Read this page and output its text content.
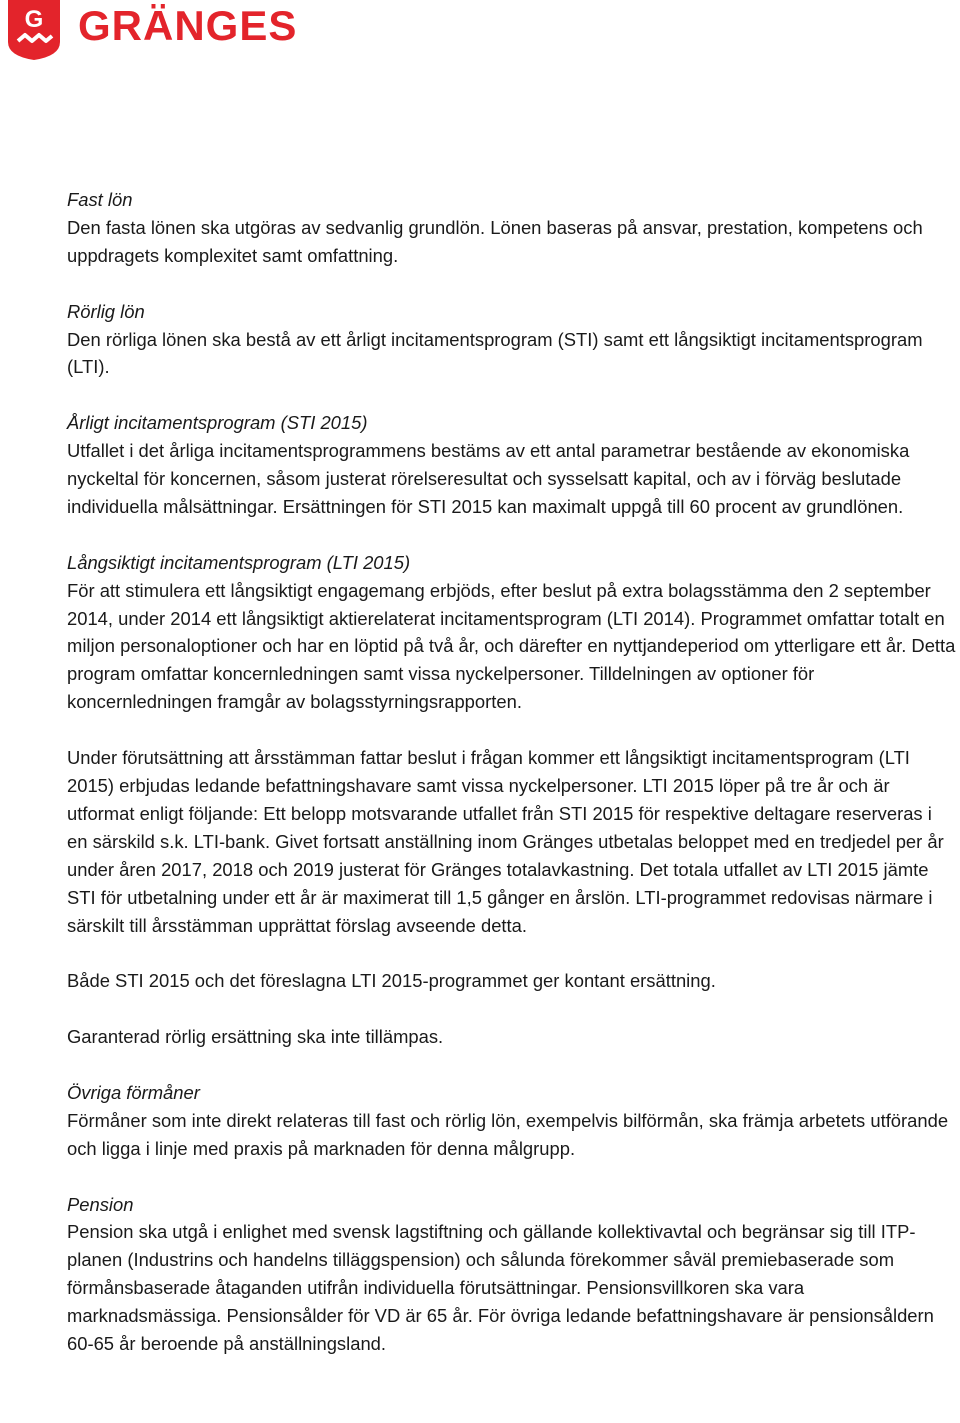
G GRÄNGES
Fast lön

Den fasta lönen ska utgöras av sedvanlig grundlön. Lönen baseras på ansvar, prestation, kompetens och uppdragets komplexitet samt omfattning.

Rörlig lön

Den rörliga lönen ska bestå av ett årligt incitamentsprogram (STI) samt ett långsiktigt incitamentsprogram (LTI).

Årligt incitamentsprogram (STI 2015)

Utfallet i det årliga incitamentsprogrammens bestäms av ett antal parametrar bestående av ekonomiska nyckeltal för koncernen, såsom justerat rörelseresultat och sysselsatt kapital, och av i förväg beslutade individuella målsättningar. Ersättningen för STI 2015 kan maximalt uppgå till 60 procent av grundlönen.

Långsiktigt incitamentsprogram (LTI 2015)

För att stimulera ett långsiktigt engagemang erbjöds, efter beslut på extra bolagsstämma den 2 september 2014, under 2014 ett långsiktigt aktierelaterat incitamentsprogram (LTI 2014). Programmet omfattar totalt en miljon personaloptioner och har en löptid på två år, och därefter en nyttjandeperiod om ytterligare ett år. Detta program omfattar koncernledningen samt vissa nyckelpersoner. Tilldelningen av optioner för koncernledningen framgår av bolagsstyrningsrapporten.

Under förutsättning att årsstämman fattar beslut i frågan kommer ett långsiktigt incitamentsprogram (LTI 2015) erbjudas ledande befattningshavare samt vissa nyckelpersoner. LTI 2015 löper på tre år och är utformat enligt följande: Ett belopp motsvarande utfallet från STI 2015 för respektive deltagare reserveras i en särskild s.k. LTI-bank. Givet fortsatt anställning inom Gränges utbetalas beloppet med en tredjedel per år under åren 2017, 2018 och 2019 justerat för Gränges totalavkastning. Det totala utfallet av LTI 2015 jämte STI för utbetalning under ett år är maximerat till 1,5 gånger en årslön. LTI-programmet redovisas närmare i särskilt till årsstämman upprättat förslag avseende detta.

Både STI 2015 och det föreslagna LTI 2015-programmet ger kontant ersättning.

Garanterad rörlig ersättning ska inte tillämpas.

Övriga förmåner

Förmåner som inte direkt relateras till fast och rörlig lön, exempelvis bilförmån, ska främja arbetets utförande och ligga i linje med praxis på marknaden för denna målgrupp.

Pension

Pension ska utgå i enlighet med svensk lagstiftning och gällande kollektivavtal och begränsar sig till ITP-planen (Industrins och handelns tilläggspension) och sålunda förekommer såväl premiebaserade som förmånsbaserade åtaganden utifrån individuella förutsättningar. Pensionsvillkoren ska vara marknadsmässiga. Pensionsålder för VD är 65 år. För övriga ledande befattningshavare är pensionsåldern 60-65 år beroende på anställningsland.
